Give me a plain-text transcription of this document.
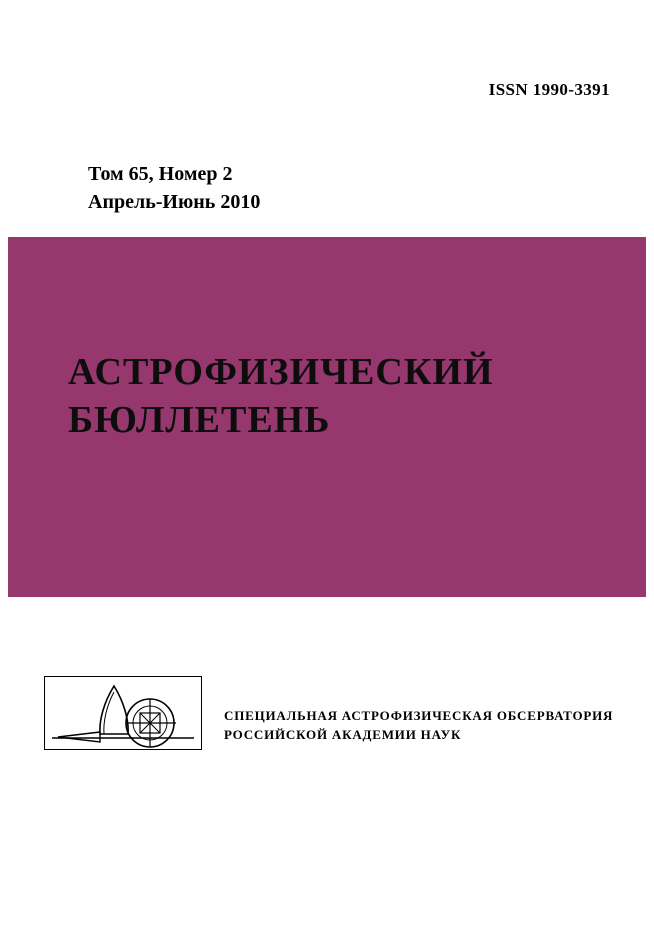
ISSN 1990-3391
Том 65, Номер 2
Апрель-Июнь 2010
АСТРОФИЗИЧЕСКИЙ
БЮЛЛЕТЕНЬ
СПЕЦИАЛЬНАЯ АСТРОФИЗИЧЕСКАЯ ОБСЕРВАТОРИЯ
РОССИЙСКОЙ АКАДЕМИИ НАУК
